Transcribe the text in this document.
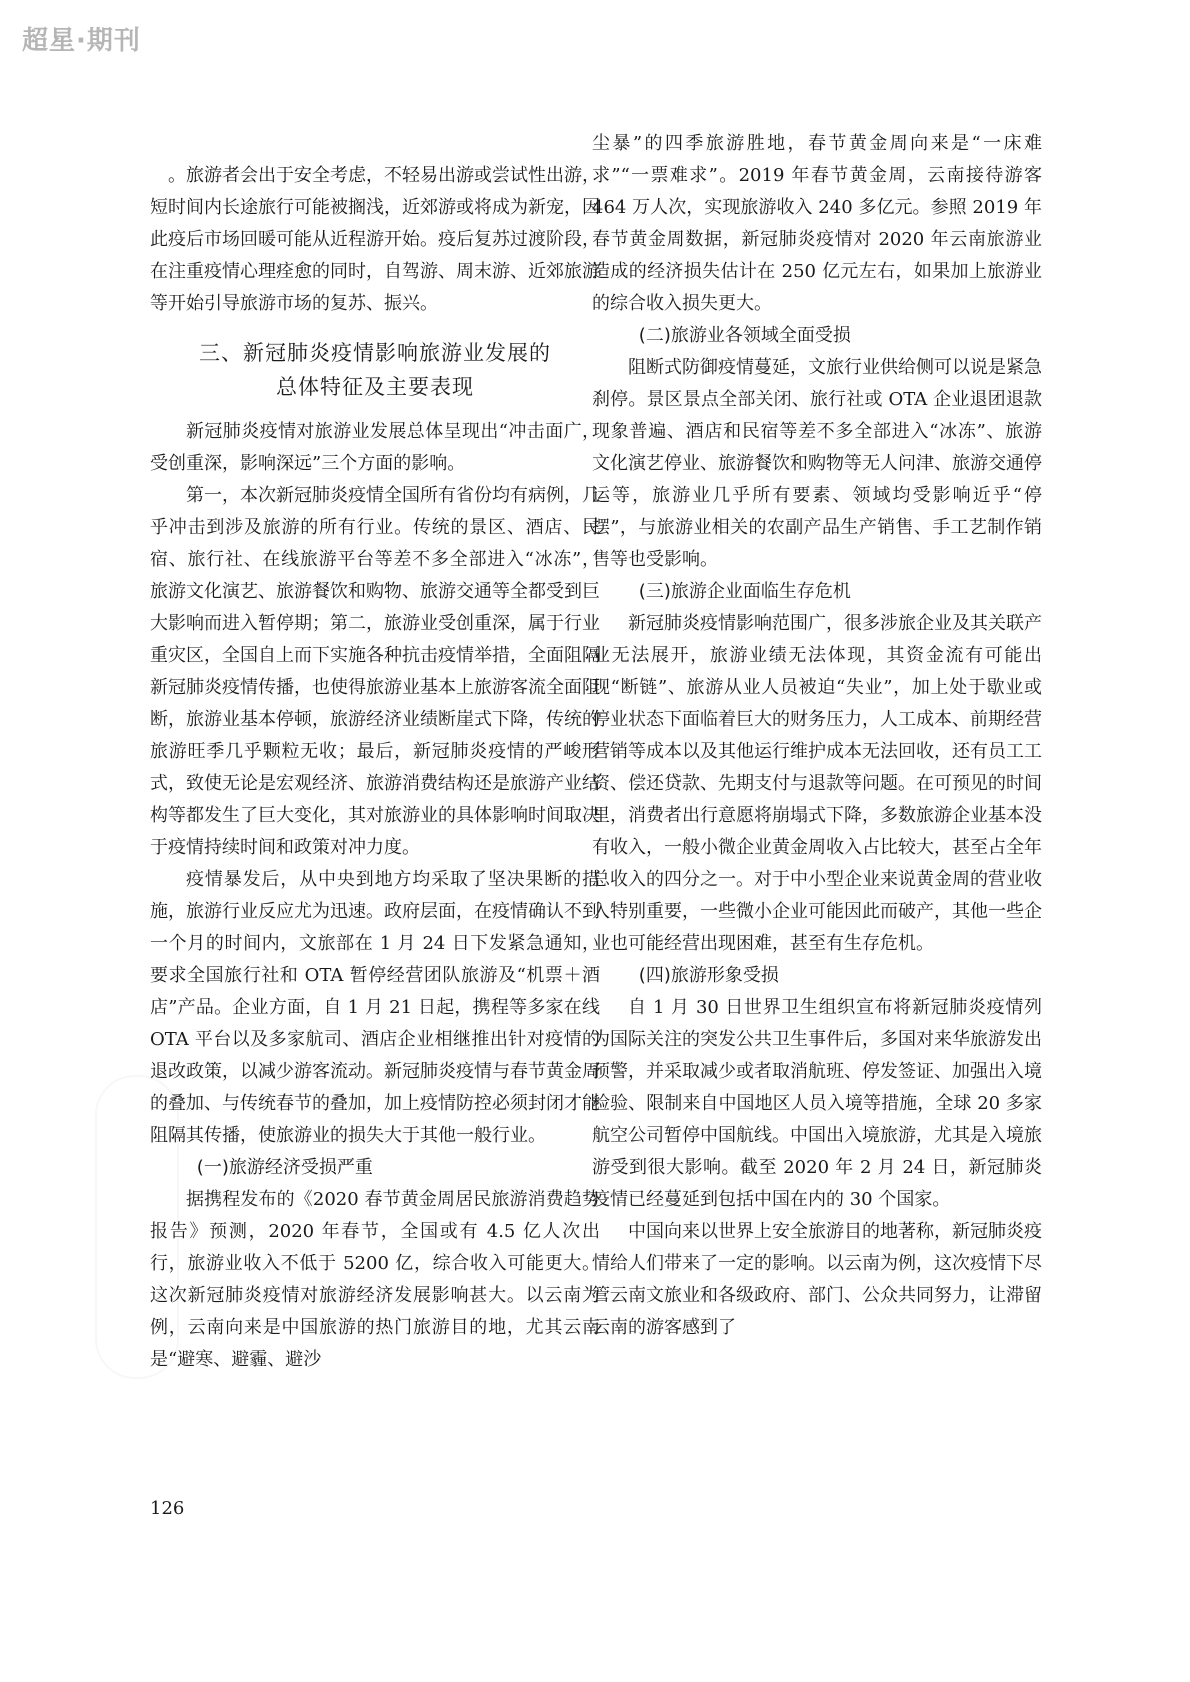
超星·期刊

。旅游者会出于安全考虑，不轻易出游或尝试性出游，短时间内长途旅行可能被搁浅，近郊游或将成为新宠，因此疫后市场回暖可能从近程游开始。疫后复苏过渡阶段，在注重疫情心理痊愈的同时，自驾游、周末游、近郊旅游等开始引导旅游市场的复苏、振兴。

三、新冠肺炎疫情影响旅游业发展的
总体特征及主要表现

新冠肺炎疫情对旅游业发展总体呈现出“冲击面广，受创重深，影响深远”三个方面的影响。

第一，本次新冠肺炎疫情全国所有省份均有病例，几乎冲击到涉及旅游的所有行业。传统的景区、酒店、民宿、旅行社、在线旅游平台等差不多全部进入“冰冻”，旅游文化演艺、旅游餐饮和购物、旅游交通等全都受到巨大影响而进入暂停期；第二，旅游业受创重深，属于行业重灾区，全国自上而下实施各种抗击疫情举措，全面阻隔新冠肺炎疫情传播，也使得旅游业基本上旅游客流全面阻断，旅游业基本停顿，旅游经济业绩断崖式下降，传统的旅游旺季几乎颗粒无收；最后，新冠肺炎疫情的严峻形式，致使无论是宏观经济、旅游消费结构还是旅游产业结构等都发生了巨大变化，其对旅游业的具体影响时间取决于疫情持续时间和政策对冲力度。

疫情暴发后，从中央到地方均采取了坚决果断的措施，旅游行业反应尤为迅速。政府层面，在疫情确认不到一个月的时间内，文旅部在 1 月 24 日下发紧急通知，要求全国旅行社和 OTA 暂停经营团队旅游及“机票＋酒店”产品。企业方面，自 1 月 21 日起，携程等多家在线 OTA 平台以及多家航司、酒店企业相继推出针对疫情的退改政策，以减少游客流动。新冠肺炎疫情与春节黄金周的叠加、与传统春节的叠加，加上疫情防控必须封闭才能阻隔其传播，使旅游业的损失大于其他一般行业。

(一)旅游经济受损严重

据携程发布的《2020 春节黄金周居民旅游消费趋势报告》预测，2020 年春节，全国或有 4.5 亿人次出行，旅游业收入不低于 5200 亿，综合收入可能更大。这次新冠肺炎疫情对旅游经济发展影响甚大。以云南为例，云南向来是中国旅游的热门旅游目的地，尤其云南是“避寒、避霾、避沙

尘暴”的四季旅游胜地，春节黄金周向来是“一床难求”“一票难求”。2019 年春节黄金周，云南接待游客 464 万人次，实现旅游收入 240 多亿元。参照 2019 年春节黄金周数据，新冠肺炎疫情对 2020 年云南旅游业造成的经济损失估计在 250 亿元左右，如果加上旅游业的综合收入损失更大。

(二)旅游业各领域全面受损

阻断式防御疫情蔓延，文旅行业供给侧可以说是紧急刹停。景区景点全部关闭、旅行社或 OTA 企业退团退款现象普遍、酒店和民宿等差不多全部进入“冰冻”、旅游文化演艺停业、旅游餐饮和购物等无人问津、旅游交通停运等，旅游业几乎所有要素、领域均受影响近乎“停摆”，与旅游业相关的农副产品生产销售、手工艺制作销售等也受影响。

(三)旅游企业面临生存危机

新冠肺炎疫情影响范围广，很多涉旅企业及其关联产业无法展开，旅游业绩无法体现，其资金流有可能出现“断链”、旅游从业人员被迫“失业”，加上处于歇业或停业状态下面临着巨大的财务压力，人工成本、前期经营营销等成本以及其他运行维护成本无法回收，还有员工工资、偿还贷款、先期支付与退款等问题。在可预见的时间里，消费者出行意愿将崩塌式下降，多数旅游企业基本没有收入，一般小微企业黄金周收入占比较大，甚至占全年总收入的四分之一。对于中小型企业来说黄金周的营业收入特别重要，一些微小企业可能因此而破产，其他一些企业也可能经营出现困难，甚至有生存危机。

(四)旅游形象受损

自 1 月 30 日世界卫生组织宣布将新冠肺炎疫情列为国际关注的突发公共卫生事件后，多国对来华旅游发出预警，并采取减少或者取消航班、停发签证、加强出入境检验、限制来自中国地区人员入境等措施，全球 20 多家航空公司暂停中国航线。中国出入境旅游，尤其是入境旅游受到很大影响。截至 2020 年 2 月 24 日，新冠肺炎疫情已经蔓延到包括中国在内的 30 个国家。

中国向来以世界上安全旅游目的地著称，新冠肺炎疫情给人们带来了一定的影响。以云南为例，这次疫情下尽管云南文旅业和各级政府、部门、公众共同努力，让滞留云南的游客感到了

126
